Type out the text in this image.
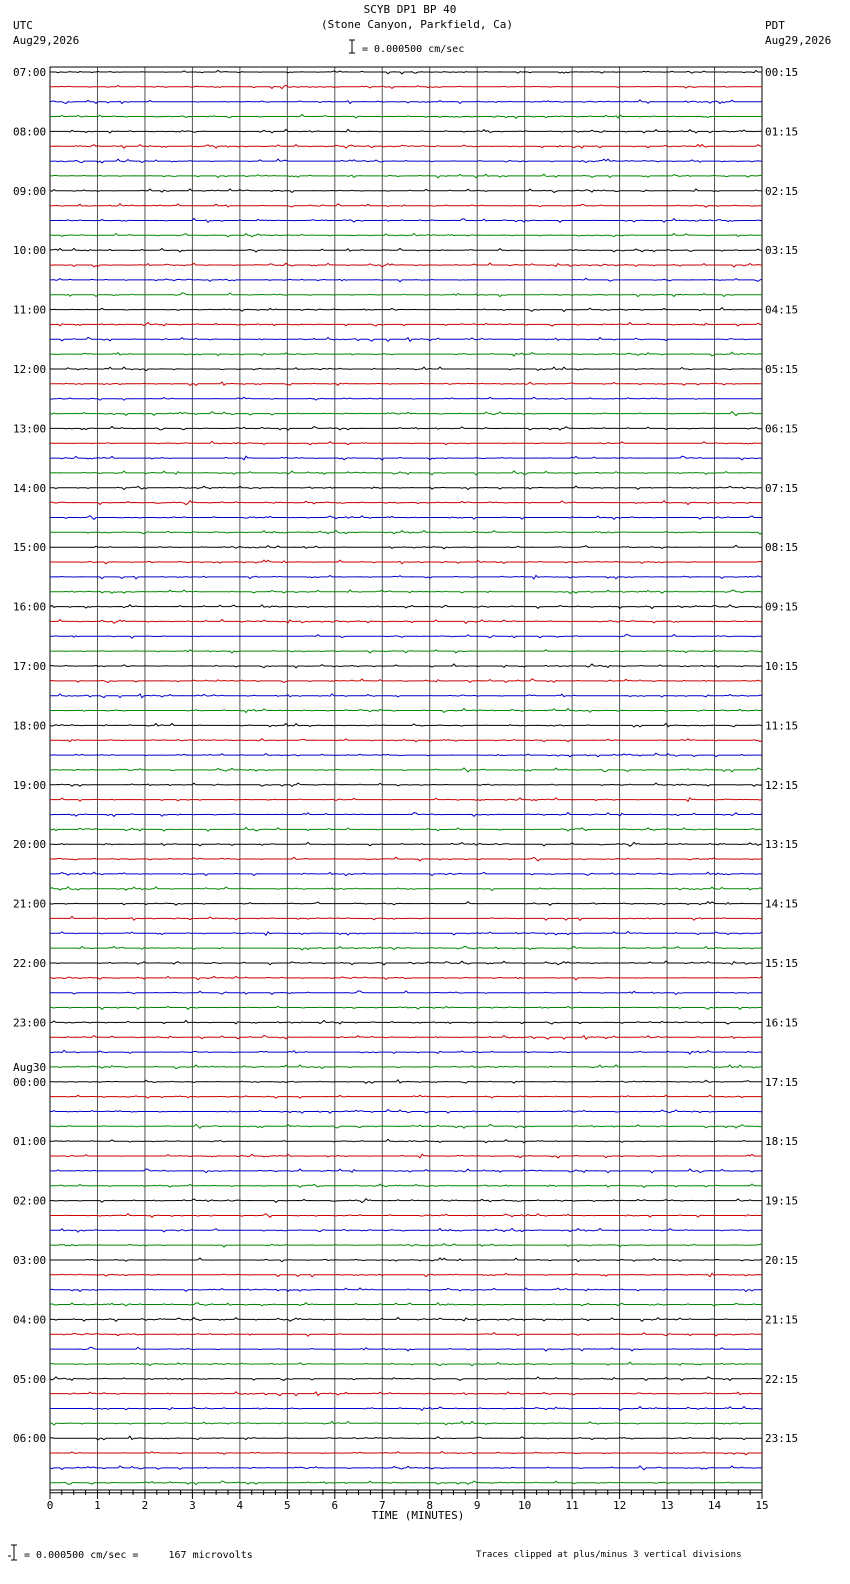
SCYB DP1 BP 40
(Stone Canyon, Parkfield, Ca)
= 0.000500 cm/sec
UTC
Aug29,2026
PDT
Aug29,2026
07:00	00:15
08:00	01:15
09:00	02:15
10:00	03:15
11:00	04:15
12:00	05:15
13:00	06:15
14:00	07:15
15:00	08:15
16:00	09:15
17:00	10:15
18:00	11:15
19:00	12:15
20:00	13:15
21:00	14:15
22:00	15:15
23:00	16:15
00:00	17:15
Aug30
01:00	18:15
02:00	19:15
03:00	20:15
04:00	21:15
05:00	22:15
06:00	23:15
0	1	2	3	4	5	6	7	8	9	10	11	12	13	14	15
TIME (MINUTES)
= 0.000500 cm/sec =     167 microvolts	Traces clipped at plus/minus 3 vertical divisions
